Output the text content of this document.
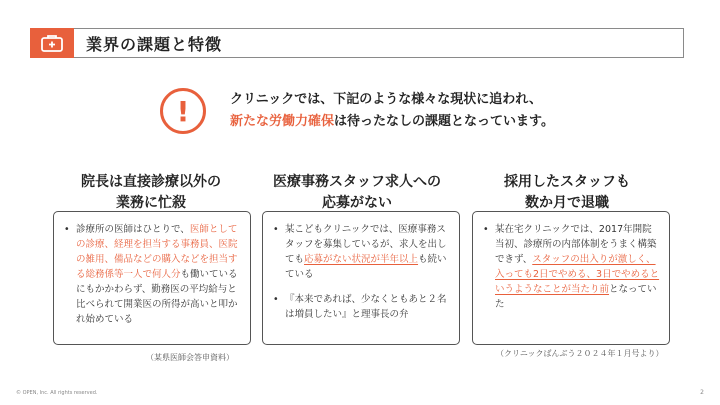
業界の課題と特徴
!	クリニックでは、下記のような様々な現状に追われ、
新たな労働力確保は待ったなしの課題となっています。
院長は直接診療以外の
業務に忙殺
• 診療所の医師はひとりで、医師としての診療、経理を担当する事務員、医院の雑用、備品などの購入などを担当する総務係等一人で何人分も働いているにもかかわらず、勤務医の平均給与と比べられて開業医の所得が高いと叩かれ始めている
（某県医師会答申資料）
医療事務スタッフ求人への
応募がない
• 某こどもクリニックでは、医療事務スタッフを募集しているが、求人を出しても応募がない状況が半年以上も続いている
• 『本来であれば、少なくともあと２名は増員したい』と理事長の弁
採用したスタッフも
数か月で退職
• 某在宅クリニックでは、2017年開院当初、診療所の内部体制をうまく構築できず、スタッフの出入りが激しく、入っても2日でやめる、3日でやめるというようなことが当たり前となっていた
（クリニックばんぶう２０２４年１月号より）
© OPEN, Inc. All rights reserved.	2
